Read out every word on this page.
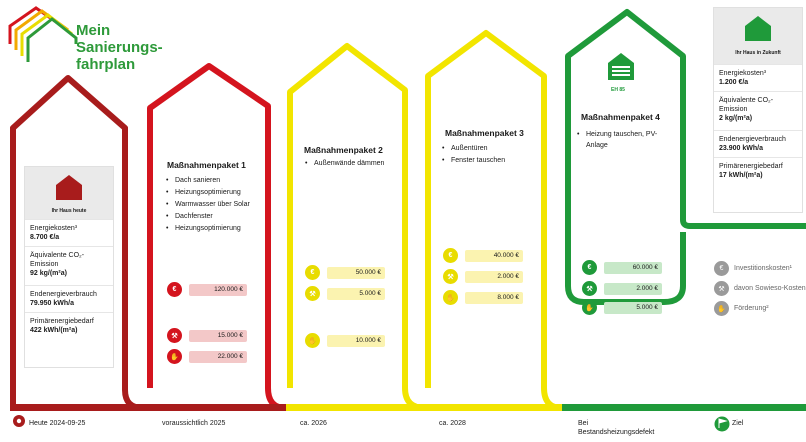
Mein
Sanierungs-
fahrplan
Ihr Haus heute
Energiekosten³
8.700 €/a
Äquivalente CO₂-Emission
92 kg/(m²a)
Endenergieverbrauch
79.950 kWh/a
Primärenergiebedarf
422 kWh/(m²a)
Ihr Haus in Zukunft
Energiekosten³
1.200 €/a
Äquivalente CO₂-Emission
2 kg/(m²a)
Endenergieverbrauch
23.900 kWh/a
Primärenergiebedarf
17 kWh/(m²a)
Maßnahmenpaket 1
• Dach sanieren
• Heizungsoptimierung
• Warmwasser über Solar
• Dachfenster
• Heizungsoptimierung
€	120.000 €
⚒	15.000 €
✋	22.000 €
Maßnahmenpaket 2
• Außenwände dämmen
€	50.000 €
⚒	5.000 €
✋	10.000 €
Maßnahmenpaket 3
• Außentüren
• Fenster tauschen
€	40.000 €
⚒	2.000 €
✋	8.000 €
EH 85
Maßnahmenpaket 4
• Heizung tauschen, PV-
Anlage
€	60.000 €
⚒	2.000 €
✋	5.000 €
€	Investitionskosten¹
⚒	davon Sowieso-Kosten
✋	Förderung²
Heute 2024-09-25	voraussichtlich 2025	ca. 2026	ca. 2028	Bei
Bestandsheizungsdefekt
Ziel
